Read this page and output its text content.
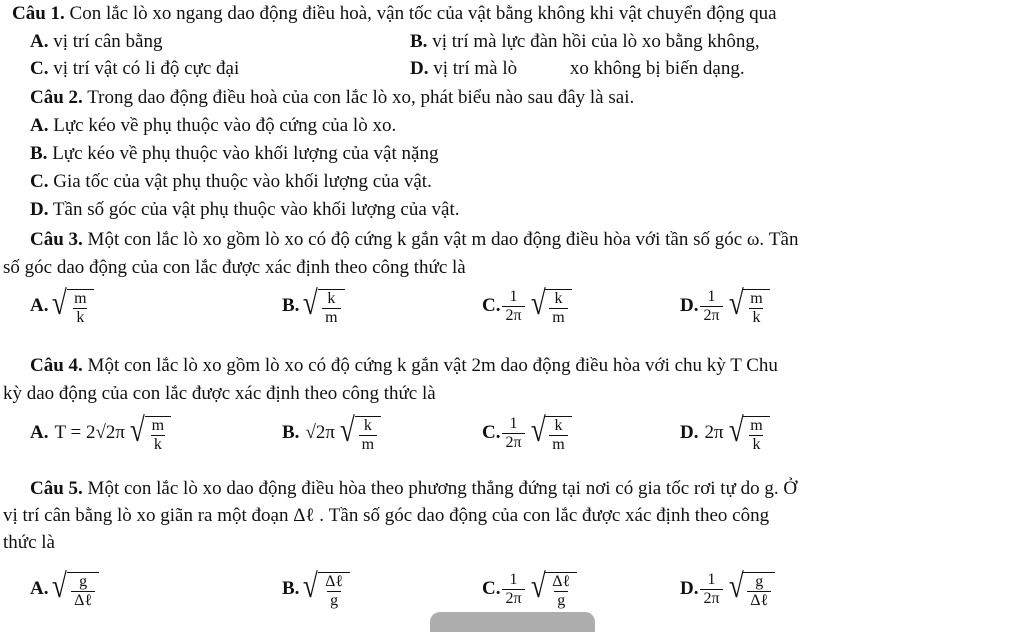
Câu 1. Con lắc lò xo ngang dao động điều hoà, vận tốc của vật bằng không khi vật chuyển động qua
A. vị trí cân bằng	B. vị trí mà lực đàn hồi của lò xo bằng không,
C. vị trí vật có li độ cực đại	D. vị trí mà lò	xo không bị biến dạng.
Câu 2. Trong dao động điều hoà của con lắc lò xo, phát biểu nào sau đây là sai.
A. Lực kéo về phụ thuộc vào độ cứng của lò xo.
B. Lực kéo về phụ thuộc vào khối lượng của vật nặng
C. Gia tốc của vật phụ thuộc vào khối lượng của vật.
D. Tần số góc của vật phụ thuộc vào khối lượng của vật.
Câu 3. Một con lắc lò xo gồm lò xo có độ cứng k gắn vật m dao động điều hòa với tần số góc ω. Tần
số góc dao động của con lắc được xác định theo công thức là
A. √ $\frac{m}{k}$	B. √ $\frac{k}{m}$	C. $\frac{1}{2\pi}$ √ $\frac{k}{m}$	D. $\frac{1}{2\pi}$ √ $\frac{m}{k}$
Câu 4. Một con lắc lò xo gồm lò xo có độ cứng k gắn vật 2m dao động điều hòa với chu kỳ T Chu
kỳ dao động của con lắc được xác định theo công thức là
A. T = 2√2π √ $\frac{m}{k}$	B. √2π √ $\frac{k}{m}$	C. $\frac{1}{2\pi}$ √ $\frac{k}{m}$	D. 2π √ $\frac{m}{k}$
Câu 5. Một con lắc lò xo dao động điều hòa theo phương thẳng đứng tại nơi có gia tốc rơi tự do g. Ở
vị trí cân bằng lò xo giãn ra một đoạn Δℓ . Tần số góc dao động của con lắc được xác định theo công
thức là
A. √ $\frac{g}{\text{Δℓ}}$	B. √ $\frac{\text{Δℓ}}{g}$	C. $\frac{1}{2\pi}$ √ $\frac{\text{Δℓ}}{g}$	D. $\frac{1}{2\pi}$ √ $\frac{g}{\text{Δℓ}}$
